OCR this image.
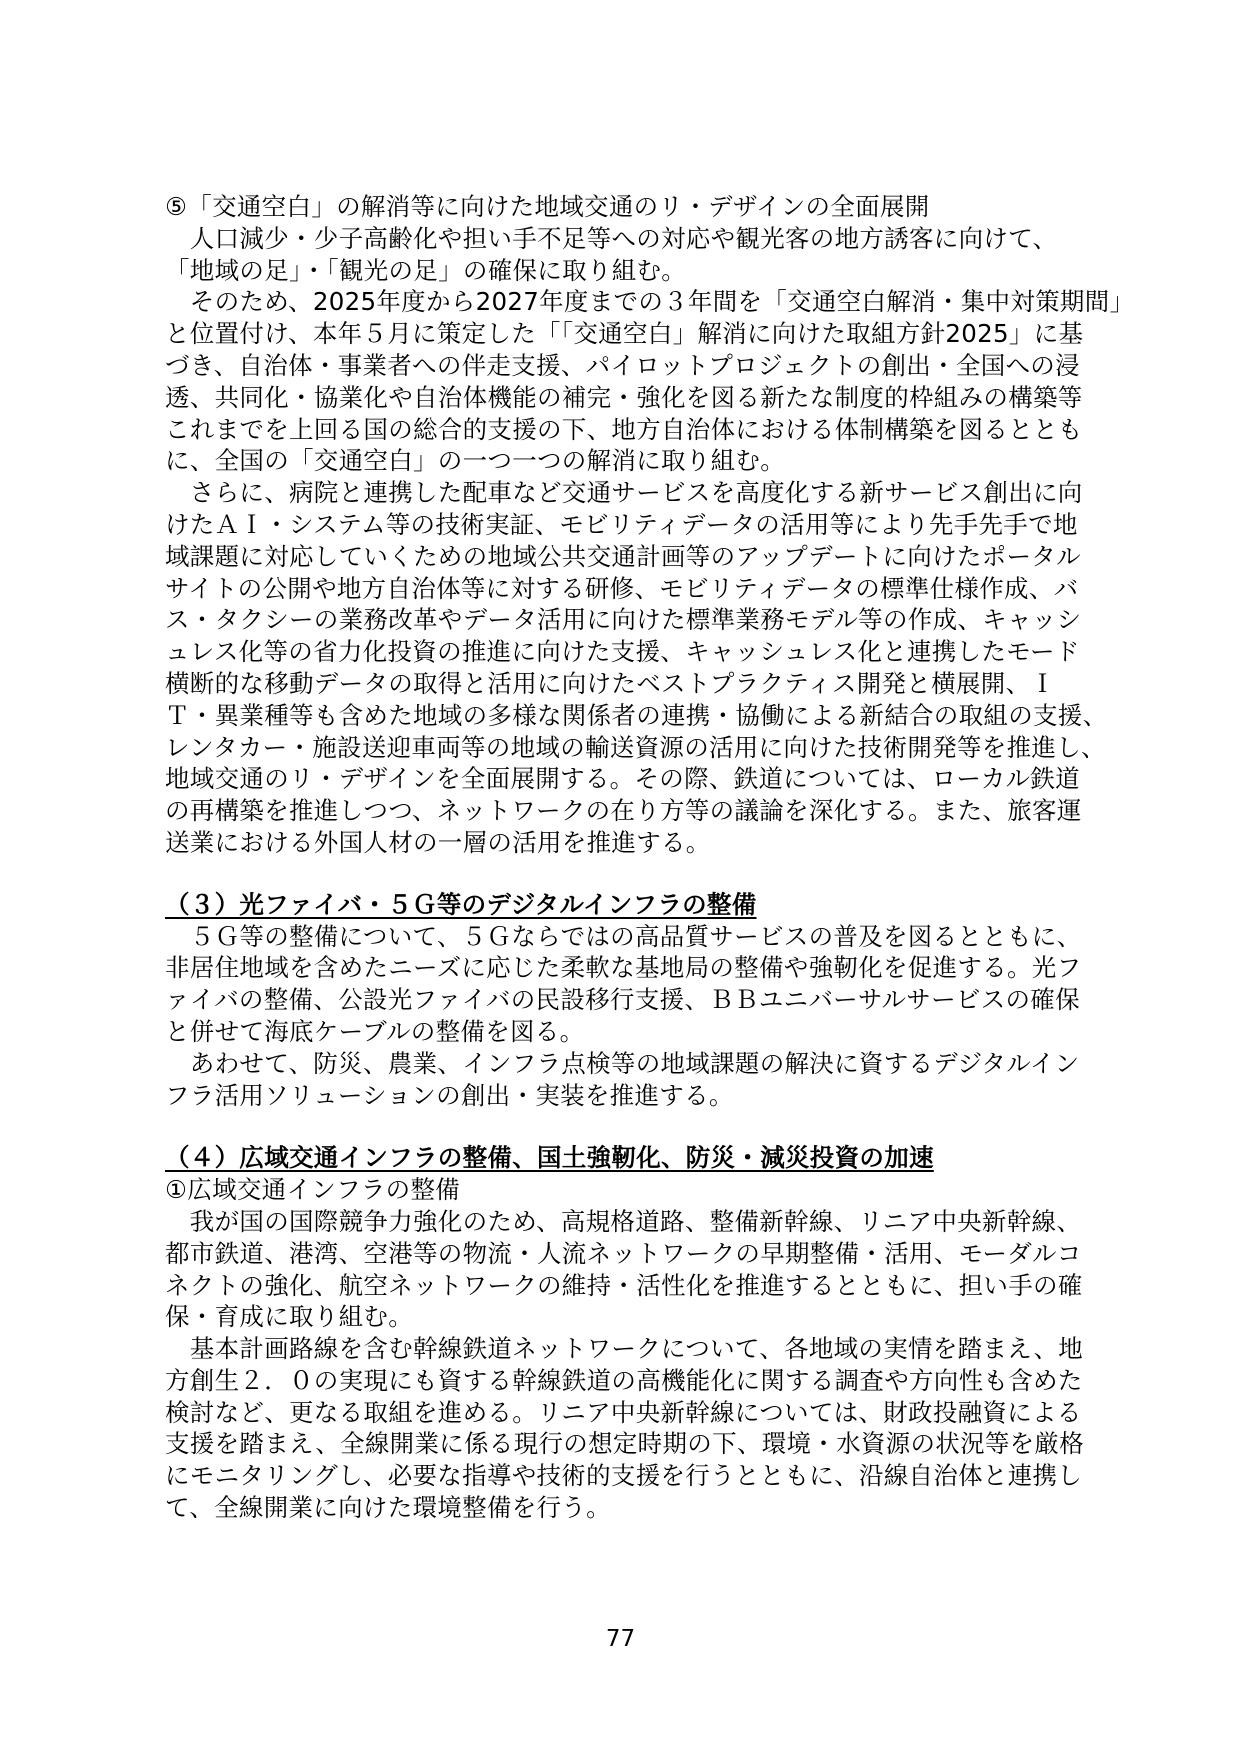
⑤「交通空白」の解消等に向けた地域交通のリ・デザインの全面展開
　人口減少・少子高齢化や担い手不足等への対応や観光客の地方誘客に向けて、
「地域の足」・「観光の足」の確保に取り組む。
　そのため、2025年度から2027年度までの３年間を「交通空白解消・集中対策期間」
と位置付け、本年５月に策定した「「交通空白」解消に向けた取組方針2025」に基
づき、自治体・事業者への伴走支援、パイロットプロジェクトの創出・全国への浸
透、共同化・協業化や自治体機能の補完・強化を図る新たな制度的枠組みの構築等
これまでを上回る国の総合的支援の下、地方自治体における体制構築を図るととも
に、全国の「交通空白」の一つ一つの解消に取り組む。
　さらに、病院と連携した配車など交通サービスを高度化する新サービス創出に向
けたＡＩ・システム等の技術実証、モビリティデータの活用等により先手先手で地
域課題に対応していくための地域公共交通計画等のアップデートに向けたポータル
サイトの公開や地方自治体等に対する研修、モビリティデータの標準仕様作成、バ
ス・タクシーの業務改革やデータ活用に向けた標準業務モデル等の作成、キャッシ
ュレス化等の省力化投資の推進に向けた支援、キャッシュレス化と連携したモード
横断的な移動データの取得と活用に向けたベストプラクティス開発と横展開、Ｉ
Ｔ・異業種等も含めた地域の多様な関係者の連携・協働による新結合の取組の支援、
レンタカー・施設送迎車両等の地域の輸送資源の活用に向けた技術開発等を推進し、
地域交通のリ・デザインを全面展開する。その際、鉄道については、ローカル鉄道
の再構築を推進しつつ、ネットワークの在り方等の議論を深化する。また、旅客運
送業における外国人材の一層の活用を推進する。
（３）光ファイバ・５Ｇ等のデジタルインフラの整備
　５Ｇ等の整備について、５Ｇならではの高品質サービスの普及を図るとともに、
非居住地域を含めたニーズに応じた柔軟な基地局の整備や強靭化を促進する。光フ
ァイバの整備、公設光ファイバの民設移行支援、ＢＢユニバーサルサービスの確保
と併せて海底ケーブルの整備を図る。
　あわせて、防災、農業、インフラ点検等の地域課題の解決に資するデジタルイン
フラ活用ソリューションの創出・実装を推進する。
（４）広域交通インフラの整備、国土強靭化、防災・減災投資の加速
①広域交通インフラの整備
　我が国の国際競争力強化のため、高規格道路、整備新幹線、リニア中央新幹線、
都市鉄道、港湾、空港等の物流・人流ネットワークの早期整備・活用、モーダルコ
ネクトの強化、航空ネットワークの維持・活性化を推進するとともに、担い手の確
保・育成に取り組む。
　基本計画路線を含む幹線鉄道ネットワークについて、各地域の実情を踏まえ、地
方創生２．０の実現にも資する幹線鉄道の高機能化に関する調査や方向性も含めた
検討など、更なる取組を進める。リニア中央新幹線については、財政投融資による
支援を踏まえ、全線開業に係る現行の想定時期の下、環境・水資源の状況等を厳格
にモニタリングし、必要な指導や技術的支援を行うとともに、沿線自治体と連携し
て、全線開業に向けた環境整備を行う。
77
